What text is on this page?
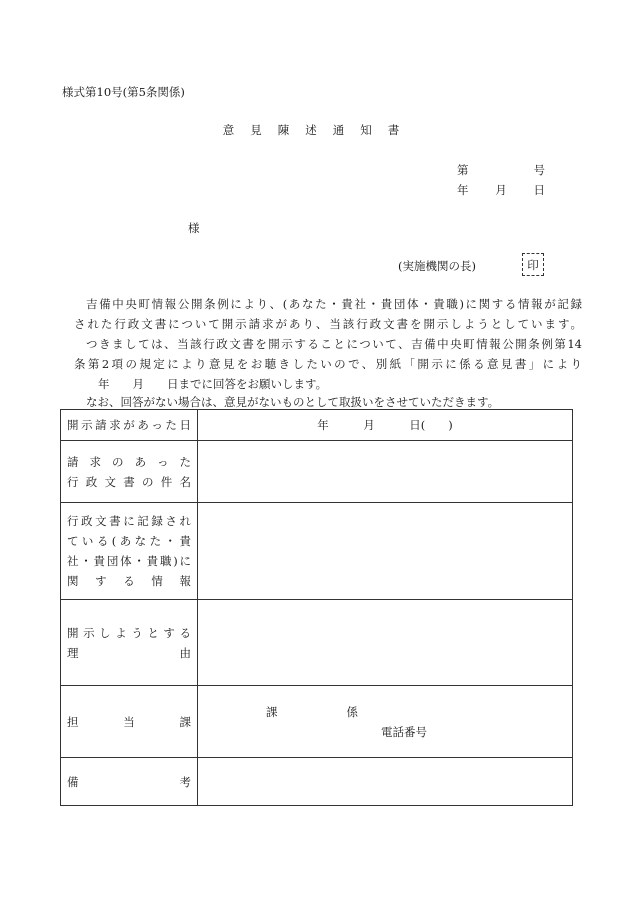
様式第10号(第5条関係)
意見陳述通知書
第	号
年 月 日
様
(実施機関の長)	印

吉備中央町情報公開条例により、(あなた・貴社・貴団体・貴職)に関する情報が記録

された行政文書について開示請求があり、当該行政文書を開示しようとしています。

つきましては、当該行政文書を開示することについて、吉備中央町情報公開条例第14

条第2項の規定により意見をお聴きしたいので、別紙「開示に係る意見書」により

年　　月　　日までに回答をお願いします。

なお、回答がない場合は、意見がないものとして取扱いをさせていただきます。

開示請求があった日	年　　　月　　　日(　　)

請求のあった
行政文書の件名	

行政文書に記録され
ている(あなた・貴
社・貴団体・貴職)に
関する情報	

開示しようとする
理由	

担当課	課 係
電話番号

備考	
